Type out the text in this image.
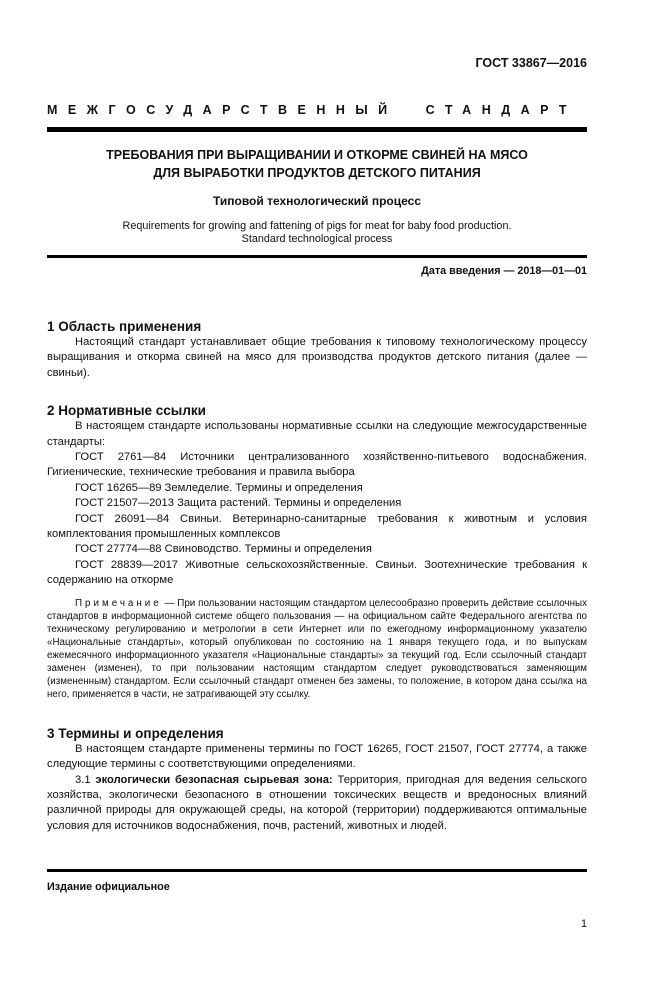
ГОСТ 33867—2016
МЕЖГОСУДАРСТВЕННЫЙ СТАНДАРТ
ТРЕБОВАНИЯ ПРИ ВЫРАЩИВАНИИ И ОТКОРМЕ СВИНЕЙ НА МЯСО
ДЛЯ ВЫРАБОТКИ ПРОДУКТОВ ДЕТСКОГО ПИТАНИЯ
Типовой технологический процесс
Requirements for growing and fattening of pigs for meat for baby food production.
Standard technological process
Дата введения — 2018—01—01
1 Область применения

Настоящий стандарт устанавливает общие требования к типовому технологическому процессу выращивания и откорма свиней на мясо для производства продуктов детского питания (далее — свиньи).

2 Нормативные ссылки

В настоящем стандарте использованы нормативные ссылки на следующие межгосударственные стандарты:

ГОСТ 2761—84 Источники централизованного хозяйственно-питьевого водоснабжения. Гигиенические, технические требования и правила выбора

ГОСТ 16265—89 Земледелие. Термины и определения

ГОСТ 21507—2013 Защита растений. Термины и определения

ГОСТ 26091—84 Свиньи. Ветеринарно-санитарные требования к животным и условия комплектования промышленных комплексов

ГОСТ 27774—88 Свиноводство. Термины и определения

ГОСТ 28839—2017 Животные сельскохозяйственные. Свиньи. Зоотехнические требования к содержанию на откорме

Примечание — При пользовании настоящим стандартом целесообразно проверить действие ссылочных стандартов в информационной системе общего пользования — на официальном сайте Федерального агентства по техническому регулированию и метрологии в сети Интернет или по ежегодному информационному указателю «Национальные стандарты», который опубликован по состоянию на 1 января текущего года, и по выпускам ежемесячного информационного указателя «Национальные стандарты» за текущий год. Если ссылочный стандарт заменен (изменен), то при пользовании настоящим стандартом следует руководствоваться заменяющим (измененным) стандартом. Если ссылочный стандарт отменен без замены, то положение, в котором дана ссылка на него, применяется в части, не затрагивающей эту ссылку.

3 Термины и определения

В настоящем стандарте применены термины по ГОСТ 16265, ГОСТ 21507, ГОСТ 27774, а также следующие термины с соответствующими определениями.

3.1 экологически безопасная сырьевая зона: Территория, пригодная для ведения сельского хозяйства, экологически безопасного в отношении токсических веществ и вредоносных влияний различной природы для окружающей среды, на которой (территории) поддерживаются оптимальные условия для источников водоснабжения, почв, растений, животных и людей.

Издание официальное
1
